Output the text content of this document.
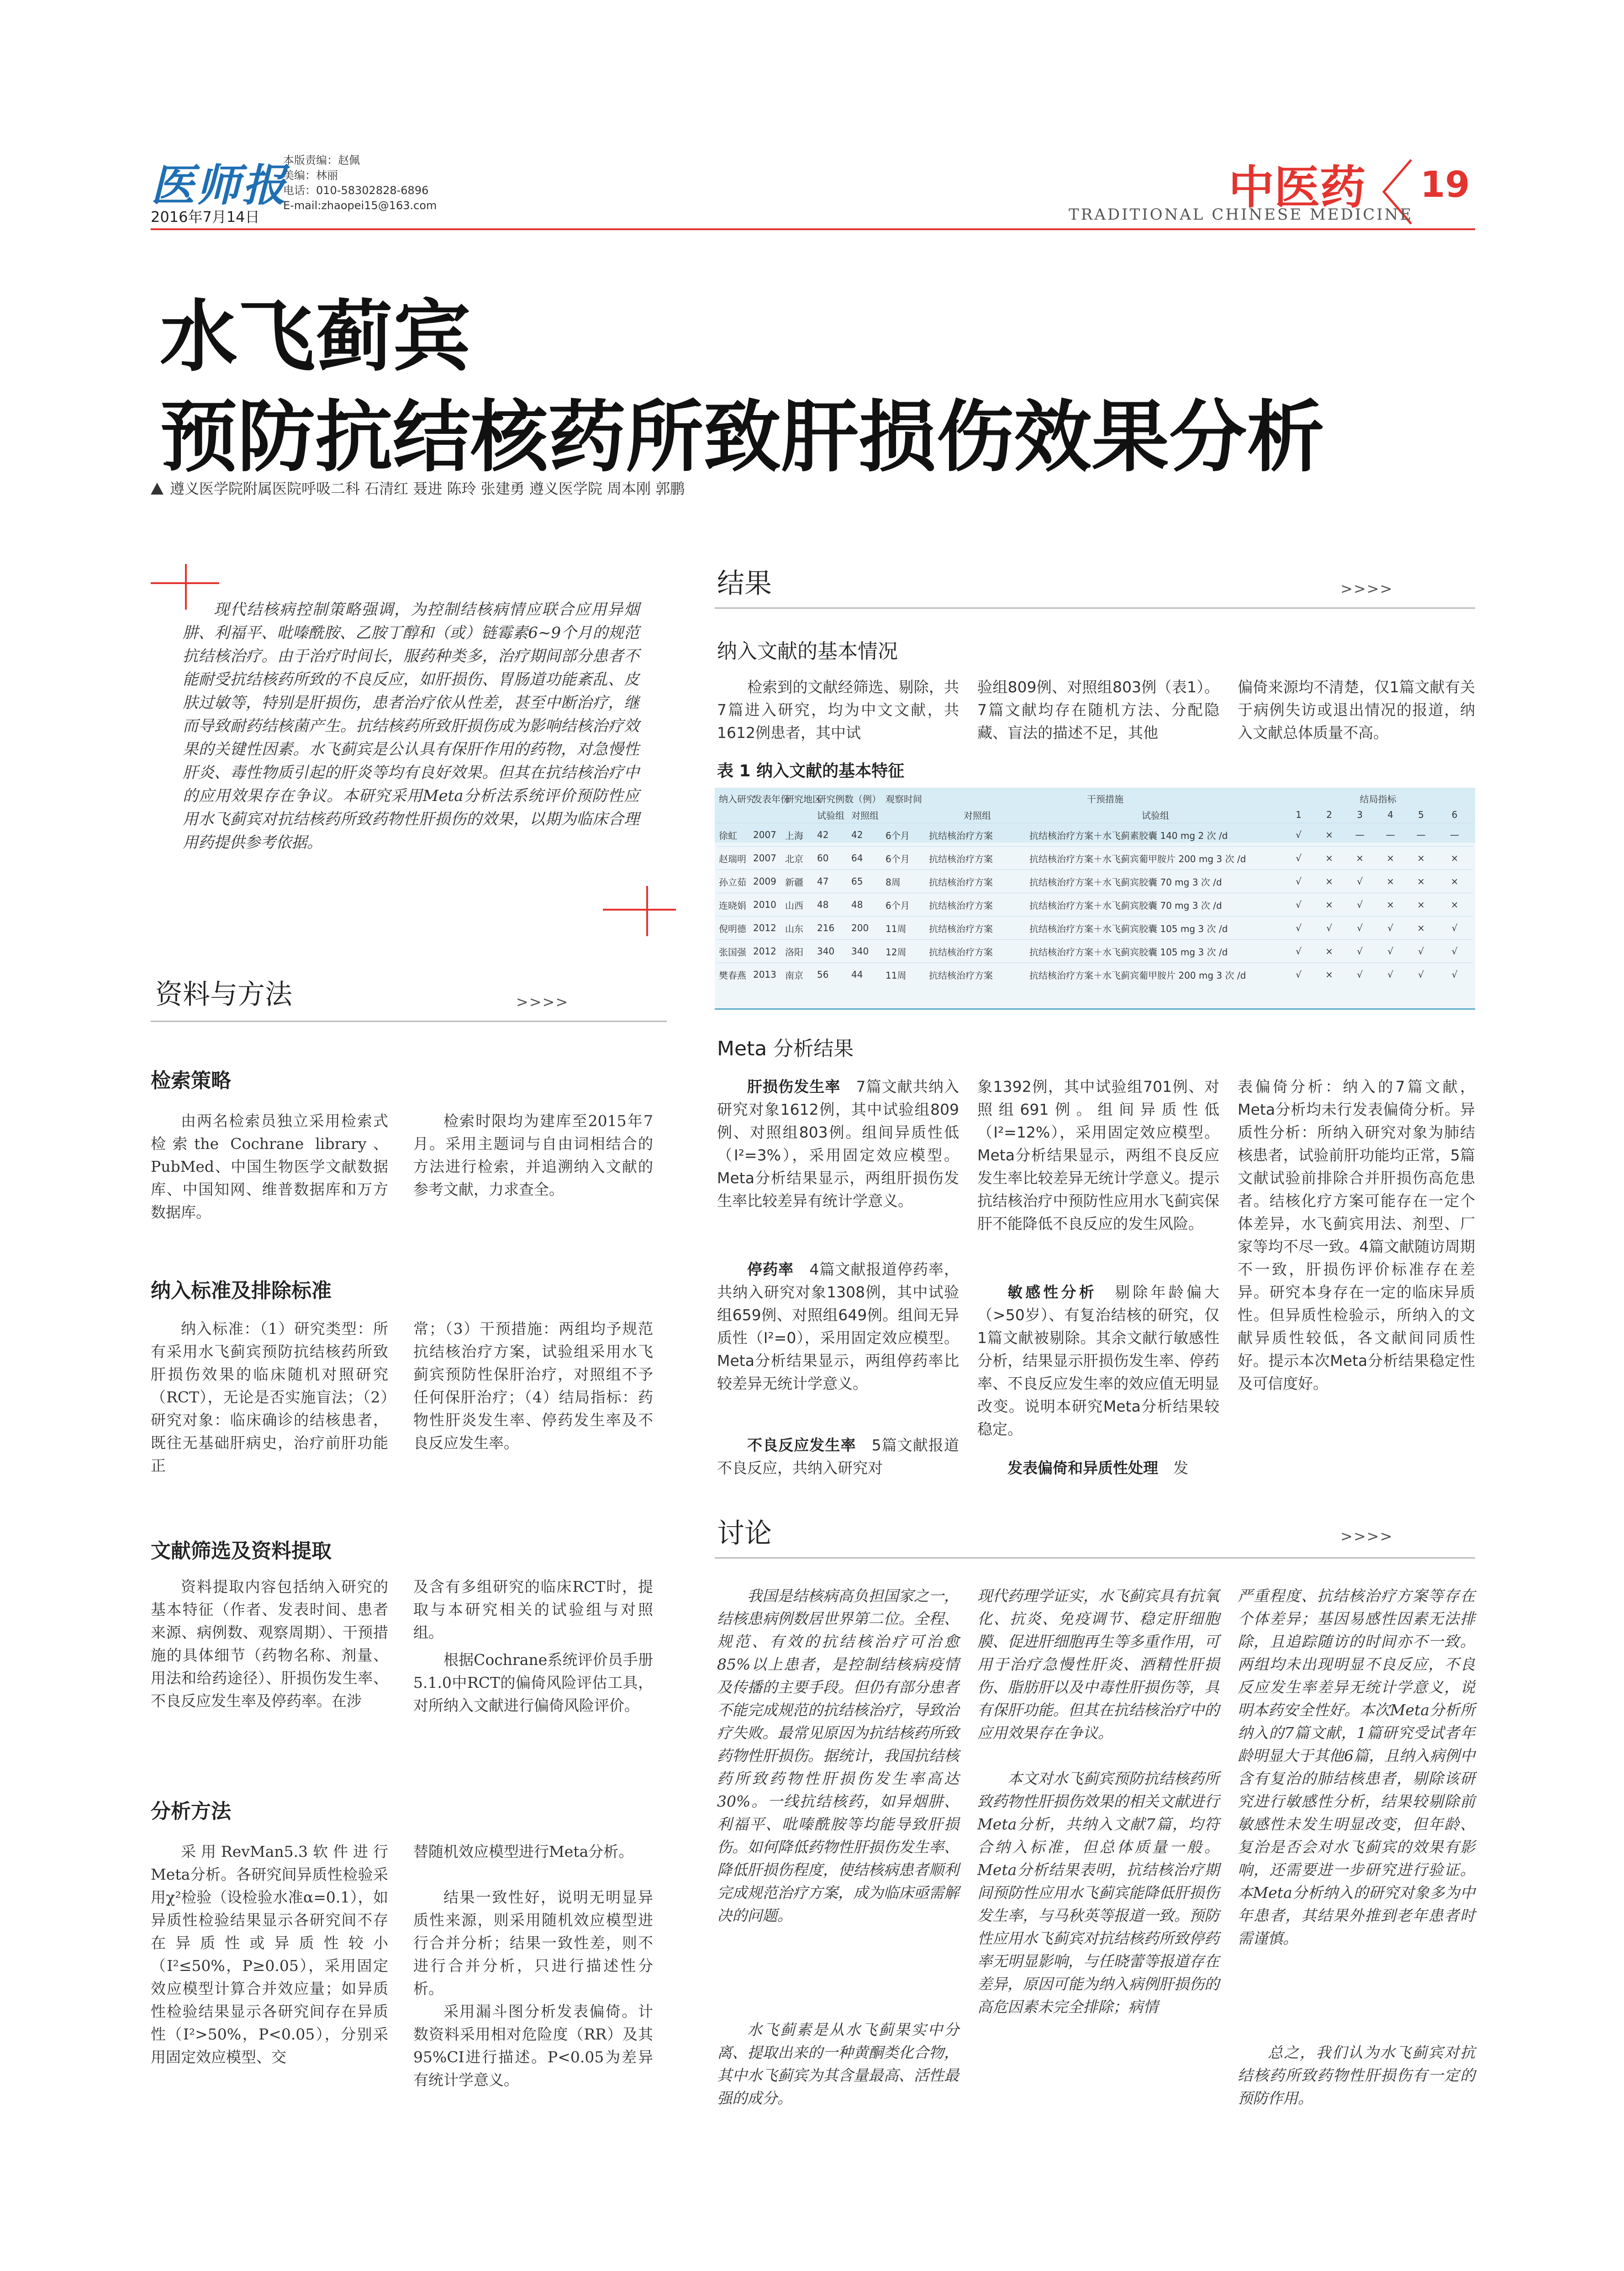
医师报
2016年7月14日
本版责编：赵佩
美编：林丽
电话：010-58302828-6896
E-mail:zhaopei15@163.com	中医药 19
TRADITIONAL CHINESE MEDICINE
水飞蓟宾
预防抗结核药所致肝损伤效果分析
遵义医学院附属医院呼吸二科 石清红 聂进 陈玲 张建勇 遵义医学院 周本刚 郭鹏
现代结核病控制策略强调，为控制结核病情应联合应用异烟肼、利福平、吡嗪酰胺、乙胺丁醇和（或）链霉素6~9个月的规范抗结核治疗。由于治疗时间长，服药种类多，治疗期间部分患者不能耐受抗结核药所致的不良反应，如肝损伤、胃肠道功能紊乱、皮肤过敏等，特别是肝损伤，患者治疗依从性差，甚至中断治疗，继而导致耐药结核菌产生。抗结核药所致肝损伤成为影响结核治疗效果的关键性因素。水飞蓟宾是公认具有保肝作用的药物，对急慢性肝炎、毒性物质引起的肝炎等均有良好效果。但其在抗结核治疗中的应用效果存在争议。本研究采用Meta分析法系统评价预防性应用水飞蓟宾对抗结核药所致药物性肝损伤的效果，以期为临床合理用药提供参考依据。
资料与方法	>>>>
检索策略
由两名检索员独立采用检索式检索the Cochrane library、PubMed、中国生物医学文献数据库、中国知网、维普数据库和万方数据库。
检索时限均为建库至2015年7月。采用主题词与自由词相结合的方法进行检索，并追溯纳入文献的参考文献，力求查全。
纳入标准及排除标准
纳入标准：（1）研究类型：所有采用水飞蓟宾预防抗结核药所致肝损伤效果的临床随机对照研究（RCT），无论是否实施盲法；（2）研究对象：临床确诊的结核患者，既往无基础肝病史，治疗前肝功能正
常；（3）干预措施：两组均予规范抗结核治疗方案，试验组采用水飞蓟宾预防性保肝治疗，对照组不予任何保肝治疗；（4）结局指标：药物性肝炎发生率、停药发生率及不良反应发生率。
文献筛选及资料提取
资料提取内容包括纳入研究的基本特征（作者、发表时间、患者来源、病例数、观察周期）、干预措施的具体细节（药物名称、剂量、用法和给药途径）、肝损伤发生率、不良反应发生率及停药率。在涉
及含有多组研究的临床RCT时，提取与本研究相关的试验组与对照组。
根据Cochrane系统评价员手册5.1.0中RCT的偏倚风险评估工具，对所纳入文献进行偏倚风险评价。
分析方法
采用RevMan5.3软件进行Meta分析。各研究间异质性检验采用χ²检验（设检验水准α=0.1），如异质性检验结果显示各研究间不存在异质性或异质性较小（I²≤50%，P≥0.05），采用固定效应模型计算合并效应量；如异质性检验结果显示各研究间存在异质性（I²>50%，P<0.05），分别采用固定效应模型、交
替随机效应模型进行Meta分析。
结果一致性好，说明无明显异质性来源，则采用随机效应模型进行合并分析；结果一致性差，则不进行合并分析，只进行描述性分析。
采用漏斗图分析发表偏倚。计数资料采用相对危险度（RR）及其95%CI进行描述。P<0.05为差异有统计学意义。
结果	>>>>
纳入文献的基本情况
检索到的文献经筛选、剔除，共7篇进入研究，均为中文文献，共1612例患者，其中试
验组809例、对照组803例（表1）。7篇文献均存在随机方法、分配隐藏、盲法的描述不足，其他
偏倚来源均不清楚，仅1篇文献有关于病例失访或退出情况的报道，纳入文献总体质量不高。
表 1 纳入文献的基本特征
纳入研究	发表年份	研究地区	研究例数（例）		观察时间	干预措施		结局指标					
			试验组	对照组		对照组	试验组	1	2	3	4	5	6
徐虹	2007	上海	42	42	6个月	抗结核治疗方案	抗结核治疗方案＋水飞蓟素胶囊 140 mg 2 次 /d	√	×	—	—	—	—
赵瑞明	2007	北京	60	64	6个月	抗结核治疗方案	抗结核治疗方案＋水飞蓟宾葡甲胺片 200 mg 3 次 /d	√	×	×	×	×	×
孙立茹	2009	新疆	47	65	8周	抗结核治疗方案	抗结核治疗方案＋水飞蓟宾胶囊 70 mg 3 次 /d	√	×	√	×	×	×
连晓娟	2010	山西	48	48	6个月	抗结核治疗方案	抗结核治疗方案＋水飞蓟宾胶囊 70 mg 3 次 /d	√	×	√	×	×	×
倪明德	2012	山东	216	200	11周	抗结核治疗方案	抗结核治疗方案＋水飞蓟宾胶囊 105 mg 3 次 /d	√	√	√	√	×	√
张国强	2012	洛阳	340	340	12周	抗结核治疗方案	抗结核治疗方案＋水飞蓟宾胶囊 105 mg 3 次 /d	√	×	√	√	√	√
樊春燕	2013	南京	56	44	11周	抗结核治疗方案	抗结核治疗方案＋水飞蓟宾葡甲胺片 200 mg 3 次 /d	√	×	√	√	√	√
Meta 分析结果
肝损伤发生率　 7篇文献共纳入研究对象1612例，其中试验组809例、对照组803例。组间异质性低（I²=3%），采用固定效应模型。Meta分析结果显示，两组肝损伤发生率比较差异有统计学意义。
停药率　 4篇文献报道停药率，共纳入研究对象1308例，其中试验组659例、对照组649例。组间无异质性（I²=0），采用固定效应模型。Meta分析结果显示，两组停药率比较差异无统计学意义。
不良反应发生率　 5篇文献报道不良反应，共纳入研究对
象1392例，其中试验组701例、对照组691例。组间异质性低（I²=12%），采用固定效应模型。Meta分析结果显示，两组不良反应发生率比较差异无统计学意义。提示抗结核治疗中预防性应用水飞蓟宾保肝不能降低不良反应的发生风险。
敏感性分析　 剔除年龄偏大（>50岁）、有复治结核的研究，仅1篇文献被剔除。其余文献行敏感性分析，结果显示肝损伤发生率、停药率、不良反应发生率的效应值无明显改变。说明本研究Meta分析结果较稳定。
发表偏倚和异质性处理　 发
表偏倚分析：纳入的7篇文献，Meta分析均未行发表偏倚分析。异质性分析：所纳入研究对象为肺结核患者，试验前肝功能均正常，5篇文献试验前排除合并肝损伤高危患者。结核化疗方案可能存在一定个体差异，水飞蓟宾用法、剂型、厂家等均不尽一致。4篇文献随访周期不一致，肝损伤评价标准存在差异。研究本身存在一定的临床异质性。但异质性检验示，所纳入的文献异质性较低，各文献间同质性好。提示本次Meta分析结果稳定性及可信度好。
讨论	>>>>
我国是结核病高负担国家之一，结核患病例数居世界第二位。全程、规范、有效的抗结核治疗可治愈85%以上患者，是控制结核病疫情及传播的主要手段。但仍有部分患者不能完成规范的抗结核治疗，导致治疗失败。最常见原因为抗结核药所致药物性肝损伤。据统计，我国抗结核药所致药物性肝损伤发生率高达30%。一线抗结核药，如异烟肼、利福平、吡嗪酰胺等均能导致肝损伤。如何降低药物性肝损伤发生率、降低肝损伤程度，使结核病患者顺利完成规范治疗方案，成为临床亟需解决的问题。
水飞蓟素是从水飞蓟果实中分离、提取出来的一种黄酮类化合物，其中水飞蓟宾为其含量最高、活性最强的成分。
现代药理学证实，水飞蓟宾具有抗氧化、抗炎、免疫调节、稳定肝细胞膜、促进肝细胞再生等多重作用，可用于治疗急慢性肝炎、酒精性肝损伤、脂肪肝以及中毒性肝损伤等，具有保肝功能。但其在抗结核治疗中的应用效果存在争议。
本文对水飞蓟宾预防抗结核药所致药物性肝损伤效果的相关文献进行Meta分析，共纳入文献7篇，均符合纳入标准，但总体质量一般。Meta分析结果表明，抗结核治疗期间预防性应用水飞蓟宾能降低肝损伤发生率，与马秋英等报道一致。预防性应用水飞蓟宾对抗结核药所致停药率无明显影响，与任晓蕾等报道存在差异，原因可能为纳入病例肝损伤的高危因素未完全排除；病情
严重程度、抗结核治疗方案等存在个体差异；基因易感性因素无法排除，且追踪随访的时间亦不一致。两组均未出现明显不良反应，不良反应发生率差异无统计学意义，说明本药安全性好。本次Meta分析所纳入的7篇文献，1篇研究受试者年龄明显大于其他6篇，且纳入病例中含有复治的肺结核患者，剔除该研究进行敏感性分析，结果较剔除前敏感性未发生明显改变，但年龄、复治是否会对水飞蓟宾的效果有影响，还需要进一步研究进行验证。本Meta分析纳入的研究对象多为中年患者，其结果外推到老年患者时需谨慎。
总之，我们认为水飞蓟宾对抗结核药所致药物性肝损伤有一定的预防作用。
